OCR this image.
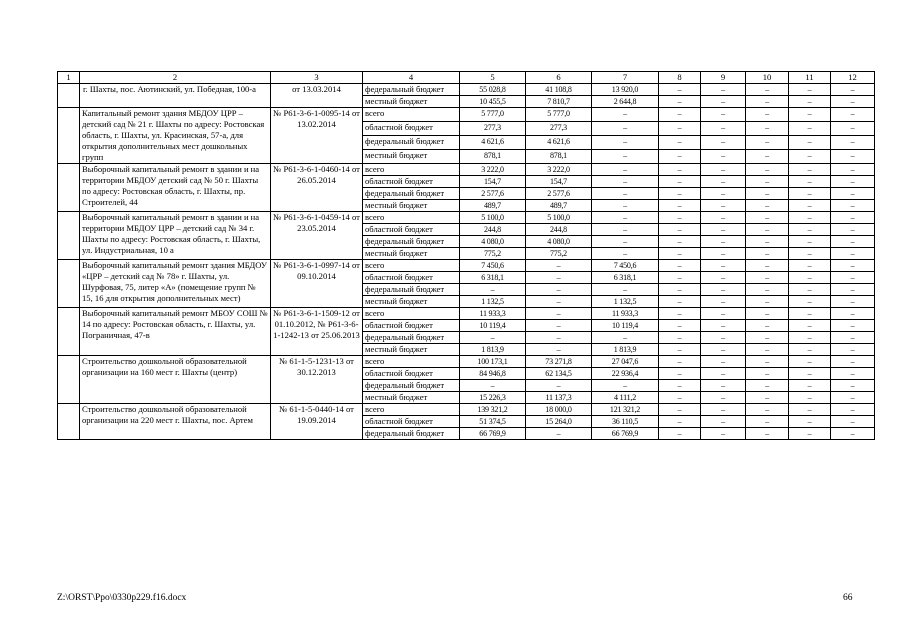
1	2	3	4	5	6	7	8	9	10	11	12
	г. Шахты, пос. Аютинский, ул. Победная, 100-а	от 13.03.2014	федеральный бюджет	55 028,8	41 108,8	13 920,0	–	–	–	–	–
			местный бюджет	10 455,5	7 810,7	2 644,8	–	–	–	–	–
	Капитальный ремонт здания МБДОУ ЦРР – детский сад № 21 г. Шахты по адресу: Ростовская область, г. Шахты, ул. Красинская, 57-а, для открытия дополнительных мест дошкольных групп	№ Р61-3-6-1-0095-14 от 13.02.2014	всего	5 777,0	5 777,0	–	–	–	–	–	–
			областной бюджет	277,3	277,3	–	–	–	–	–	–
			федеральный бюджет	4 621,6	4 621,6	–	–	–	–	–	–
			местный бюджет	878,1	878,1	–	–	–	–	–	–
	Выборочный капитальный ремонт в здании и на территории МБДОУ детский сад № 50 г. Шахты по адресу: Ростовская область, г. Шахты, пр. Строителей, 44	№ Р61-3-6-1-0460-14 от 26.05.2014	всего	3 222,0	3 222,0	–	–	–	–	–	–
			областной бюджет	154,7	154,7	–	–	–	–	–	–
			федеральный бюджет	2 577,6	2 577,6	–	–	–	–	–	–
			местный бюджет	489,7	489,7	–	–	–	–	–	–
	Выборочный капитальный ремонт в здании и на территории МБДОУ ЦРР – детский сад № 34 г. Шахты по адресу: Ростовская область, г. Шахты, ул. Индустриальная, 10 а	№ Р61-3-6-1-0459-14 от 23.05.2014	всего	5 100,0	5 100,0	–	–	–	–	–	–
			областной бюджет	244,8	244,8	–	–	–	–	–	–
			федеральный бюджет	4 080,0	4 080,0	–	–	–	–	–	–
			местный бюджет	775,2	775,2	–	–	–	–	–	–
	Выборочный капитальный ремонт здания МБДОУ «ЦРР – детский сад № 78» г. Шахты, ул. Шурфовая, 75, литер «А» (помещение групп № 15, 16 для открытия дополнительных мест)	№ Р61-3-6-1-0997-14 от 09.10.2014	всего	7 450,6	–	7 450,6	–	–	–	–	–
			областной бюджет	6 318,1	–	6 318,1	–	–	–	–	–
			федеральный бюджет	–	–	–	–	–	–	–	–
			местный бюджет	1 132,5	–	1 132,5	–	–	–	–	–
	Выборочный капитальный ремонт МБОУ СОШ № 14 по адресу: Ростовская область, г. Шахты, ул. Пограничная, 47-в	№ Р61-3-6-1-1509-12 от 01.10.2012, № Р61-3-6-1-1242-13 от 25.06.2013	всего	11 933,3	–	11 933,3	–	–	–	–	–
			областной бюджет	10 119,4	–	10 119,4	–	–	–	–	–
			федеральный бюджет	–	–	–	–	–	–	–	–
			местный бюджет	1 813,9	–	1 813,9	–	–	–	–	–
	Строительство дошкольной образовательной организации на 160 мест г. Шахты (центр)	№ 61-1-5-1231-13 от 30.12.2013	всего	100 173,1	73 271,8	27 047,6	–	–	–	–	–
			областной бюджет	84 946,8	62 134,5	22 936,4	–	–	–	–	–
			федеральный бюджет	–	–	–	–	–	–	–	–
			местный бюджет	15 226,3	11 137,3	4 111,2	–	–	–	–	–
	Строительство дошкольной образовательной организации на 220 мест г. Шахты, пос. Артем	№ 61-1-5-0440-14 от 19.09.2014	всего	139 321,2	18 000,0	121 321,2	–	–	–	–	–
			областной бюджет	51 374,5	15 264,0	36 110,5	–	–	–	–	–
			федеральный бюджет	66 769,9	–	66 769,9	–	–	–	–	–
Z:\ORST\Ppo\0330p229.f16.docx	66
